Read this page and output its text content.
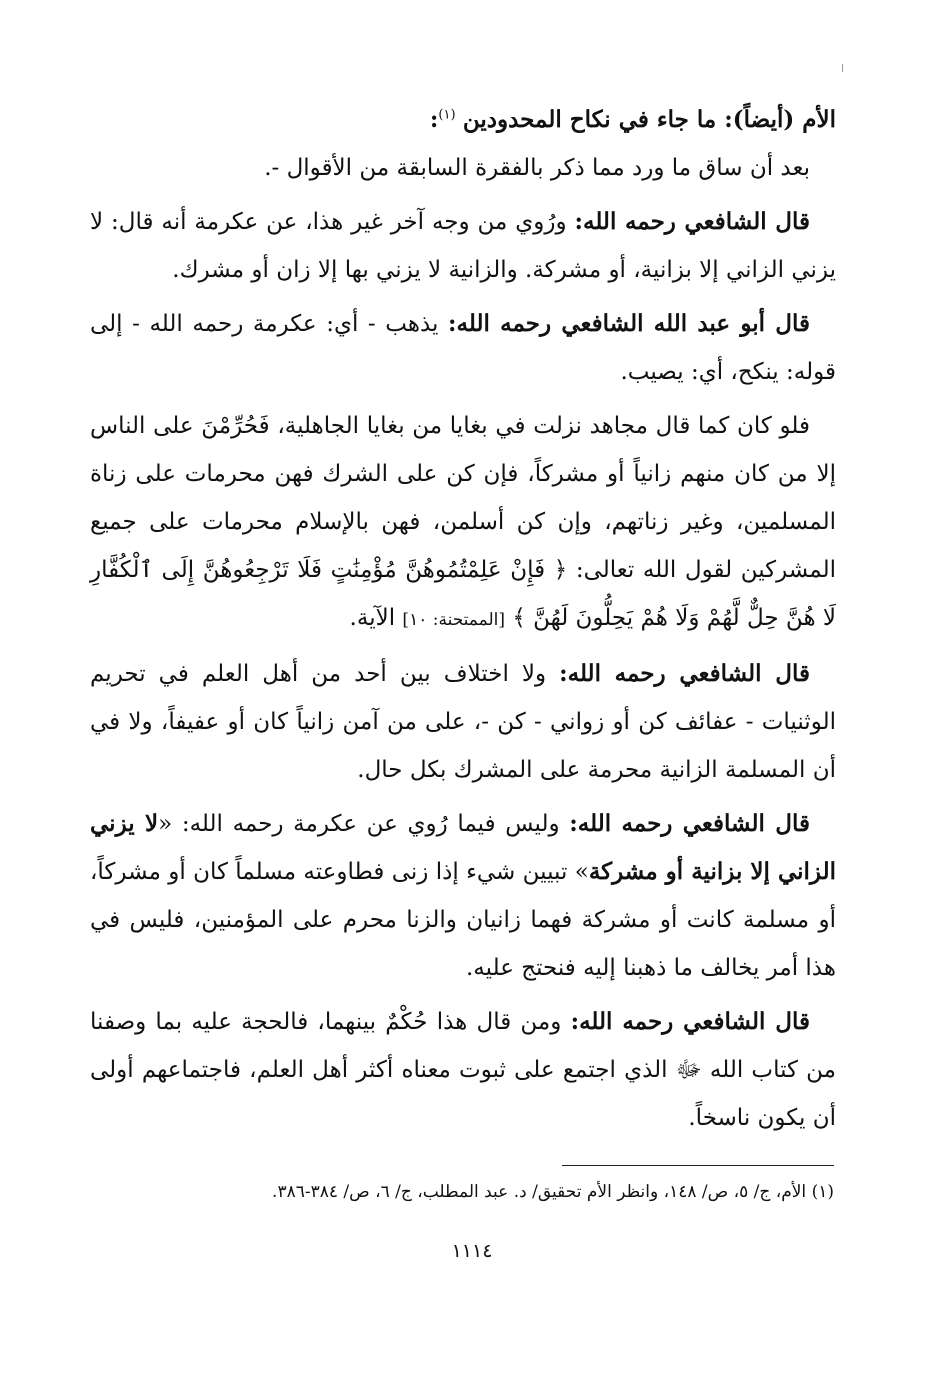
الأم (أيضاً): ما جاء في نكاح المحدودين $^{(١)}$:

بعد أن ساق ما ورد مما ذكر بالفقرة السابقة من الأقوال -.

قال الشافعي رحمه الله: ورُوي من وجه آخر غير هذا، عن عكرمة أنه قال: لا يزني الزاني إلا بزانية، أو مشركة. والزانية لا يزني بها إلا زان أو مشرك.

قال أبو عبد الله الشافعي رحمه الله: يذهب - أي: عكرمة رحمه الله - إلى قوله: ينكح، أي: يصيب.

فلو كان كما قال مجاهد نزلت في بغايا من بغايا الجاهلية، فَحُرِّمْنَ على الناس إلا من كان منهم زانياً أو مشركاً، فإن كن على الشرك فهن محرمات على زناة المسلمين، وغير زناتهم، وإن كن أسلمن، فهن بالإسلام محرمات على جميع المشركين لقول الله تعالى: ﴿ فَإِنْ عَلِمْتُمُوهُنَّ مُؤْمِنَٰتٍ فَلَا تَرْجِعُوهُنَّ إِلَى ٱلْكُفَّارِ لَا هُنَّ حِلٌّ لَّهُمْ وَلَا هُمْ يَحِلُّونَ لَهُنَّ ﴾ [الممتحنة: ١٠] الآية.

قال الشافعي رحمه الله: ولا اختلاف بين أحد من أهل العلم في تحريم الوثنيات - عفائف كن أو زواني - كن -، على من آمن زانياً كان أو عفيفاً، ولا في أن المسلمة الزانية محرمة على المشرك بكل حال.

قال الشافعي رحمه الله: وليس فيما رُوي عن عكرمة رحمه الله: «لا يزني الزاني إلا بزانية أو مشركة» تبيين شيء إذا زنى فطاوعته مسلماً كان أو مشركاً، أو مسلمة كانت أو مشركة فهما زانيان والزنا محرم على المؤمنين، فليس في هذا أمر يخالف ما ذهبنا إليه فنحتج عليه.

قال الشافعي رحمه الله: ومن قال هذا حُكْمٌ بينهما، فالحجة عليه بما وصفنا من كتاب الله ﷻ الذي اجتمع على ثبوت معناه أكثر أهل العلم، فاجتماعهم أولى أن يكون ناسخاً.

(١) الأم، ج/ ٥، ص/ ١٤٨، وانظر الأم تحقيق/ د. عبد المطلب، ج/ ٦، ص/ ٣٨٤-٣٨٦.
١١١٤
